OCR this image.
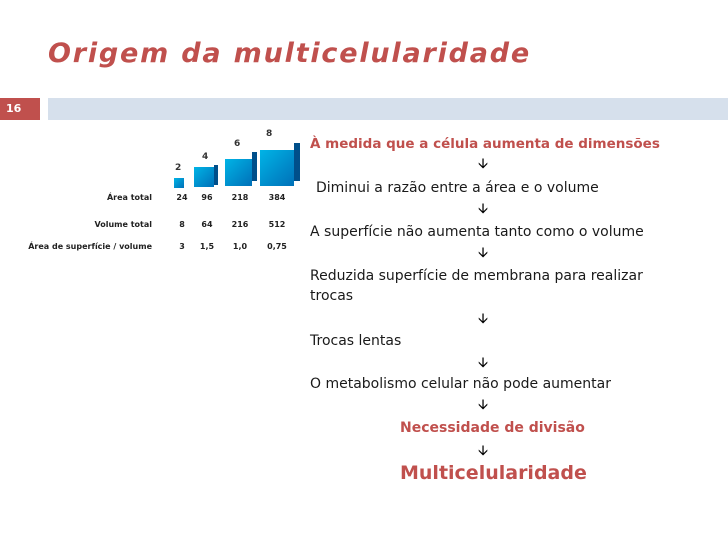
Origem da multicelularidade
16
2
4
6
8
Área total	24	96	218	384
Volume total	8	64	216	512
Área de superfície / volume	3	1,5	1,0	0,75
À medida que a célula aumenta de dimensões
🡫
Diminui a razão entre a área e o volume
🡫
A superfície não aumenta tanto como o volume
🡫
Reduzida superfície de membrana para realizar
trocas
🡫
Trocas lentas
🡫
O metabolismo celular não pode aumentar
🡫
Necessidade de divisão
🡫
Multicelularidade
